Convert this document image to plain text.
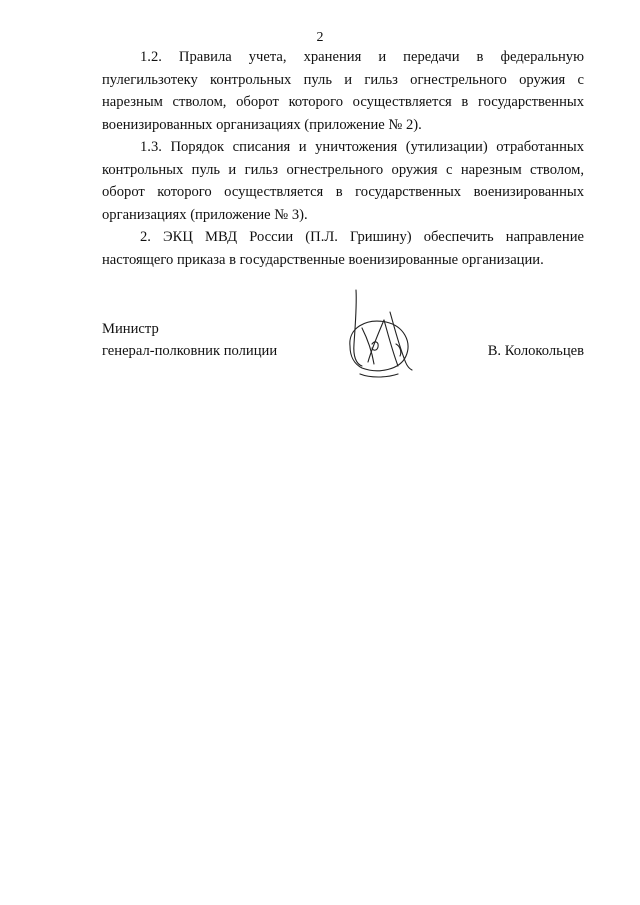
2

1.2. Правила учета, хранения и передачи в федеральную пулегильзотеку контрольных пуль и гильз огнестрельного оружия с нарезным стволом, оборот которого осуществляется в государственных военизированных организациях (приложение № 2).

1.3. Порядок списания и уничтожения (утилизации) отработанных контрольных пуль и гильз огнестрельного оружия с нарезным стволом, оборот которого осуществляется в государственных военизированных организациях (приложение № 3).

2. ЭКЦ МВД России (П.Л. Гришину) обеспечить направление настоящего приказа в государственные военизированные организации.

Министр
генерал-полковник полиции	В. Колокольцев
